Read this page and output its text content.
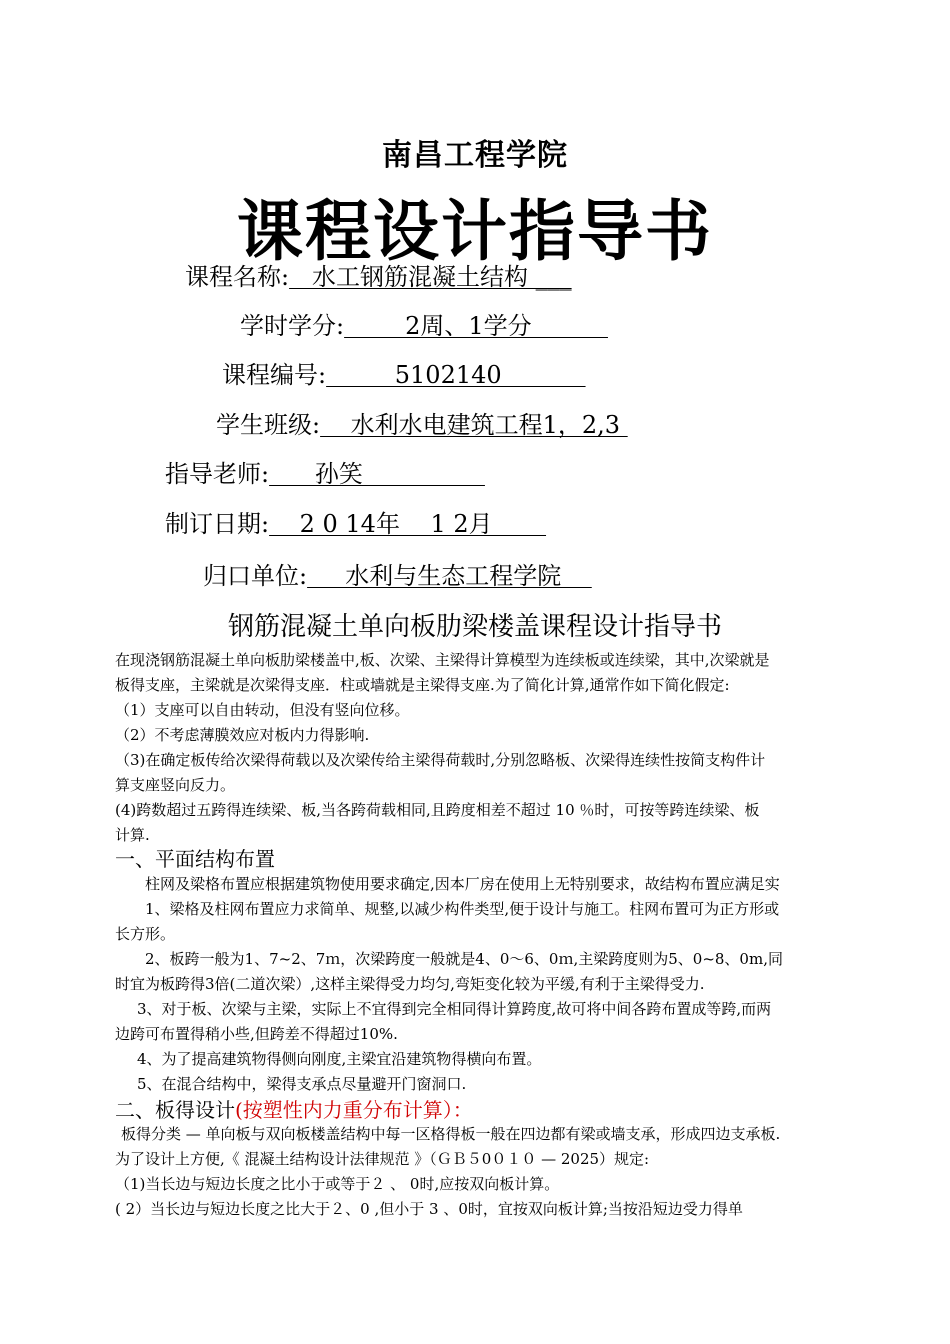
南昌工程学院
课程设计指导书
课程名称:   水工钢筋混凝土结构 ___
学时学分:        2周、1学分
课程编号:         5102140
学生班级:    水利水电建筑工程1，2,3
指导老师:      孙笑
制订日期:    2 0 14年    1 2月
归口单位:     水利与生态工程学院
钢筋混凝土单向板肋梁楼盖课程设计指导书
在现浇钢筋混凝土单向板肋梁楼盖中,板、次梁、主梁得计算模型为连续板或连续梁，其中,次梁就是
板得支座，主梁就是次梁得支座．柱或墙就是主梁得支座.为了简化计算,通常作如下简化假定:
（1）支座可以自由转动，但没有竖向位移。
（2）不考虑薄膜效应对板内力得影响.
（3)在确定板传给次梁得荷载以及次梁传给主梁得荷载时,分别忽略板、次梁得连续性按简支构件计
算支座竖向反力。
(4)跨数超过五跨得连续梁、板,当各跨荷载相同,且跨度相差不超过 10 ％时，可按等跨连续梁、板
计算.
一、平面结构布置
柱网及梁格布置应根据建筑物使用要求确定,因本厂房在使用上无特别要求，故结构布置应满足实
1、梁格及柱网布置应力求简单、规整,以减少构件类型,便于设计与施工。柱网布置可为正方形或
长方形。
2、板跨一般为1、7~2、7ｍ，次梁跨度一般就是4、0～6、0ｍ,主梁跨度则为5、0~8、0m,同
时宜为板跨得3倍(二道次梁）,这样主梁得受力均匀,弯矩变化较为平缓,有利于主梁得受力.
3、对于板、次梁与主梁，实际上不宜得到完全相同得计算跨度,故可将中间各跨布置成等跨,而两
边跨可布置得稍小些,但跨差不得超过10%.
4、为了提高建筑物得侧向刚度,主梁宜沿建筑物得横向布置。
5、在混合结构中，梁得支承点尽量避开门窗洞口.
二、板得设计(按塑性内力重分布计算）：
板得分类 — 单向板与双向板楼盖结构中每一区格得板一般在四边都有梁或墙支承，形成四边支承板.
为了设计上方便,《 混凝土结构设计法律规范 》（ＧＢ５0０１０ — 2025）规定:
（1)当长边与短边长度之比小于或等于２ 、 0时,应按双向板计算。
( 2）当长边与短边长度之比大于２、0 ,但小于 3 、0时，宜按双向板计算;当按沿短边受力得单
